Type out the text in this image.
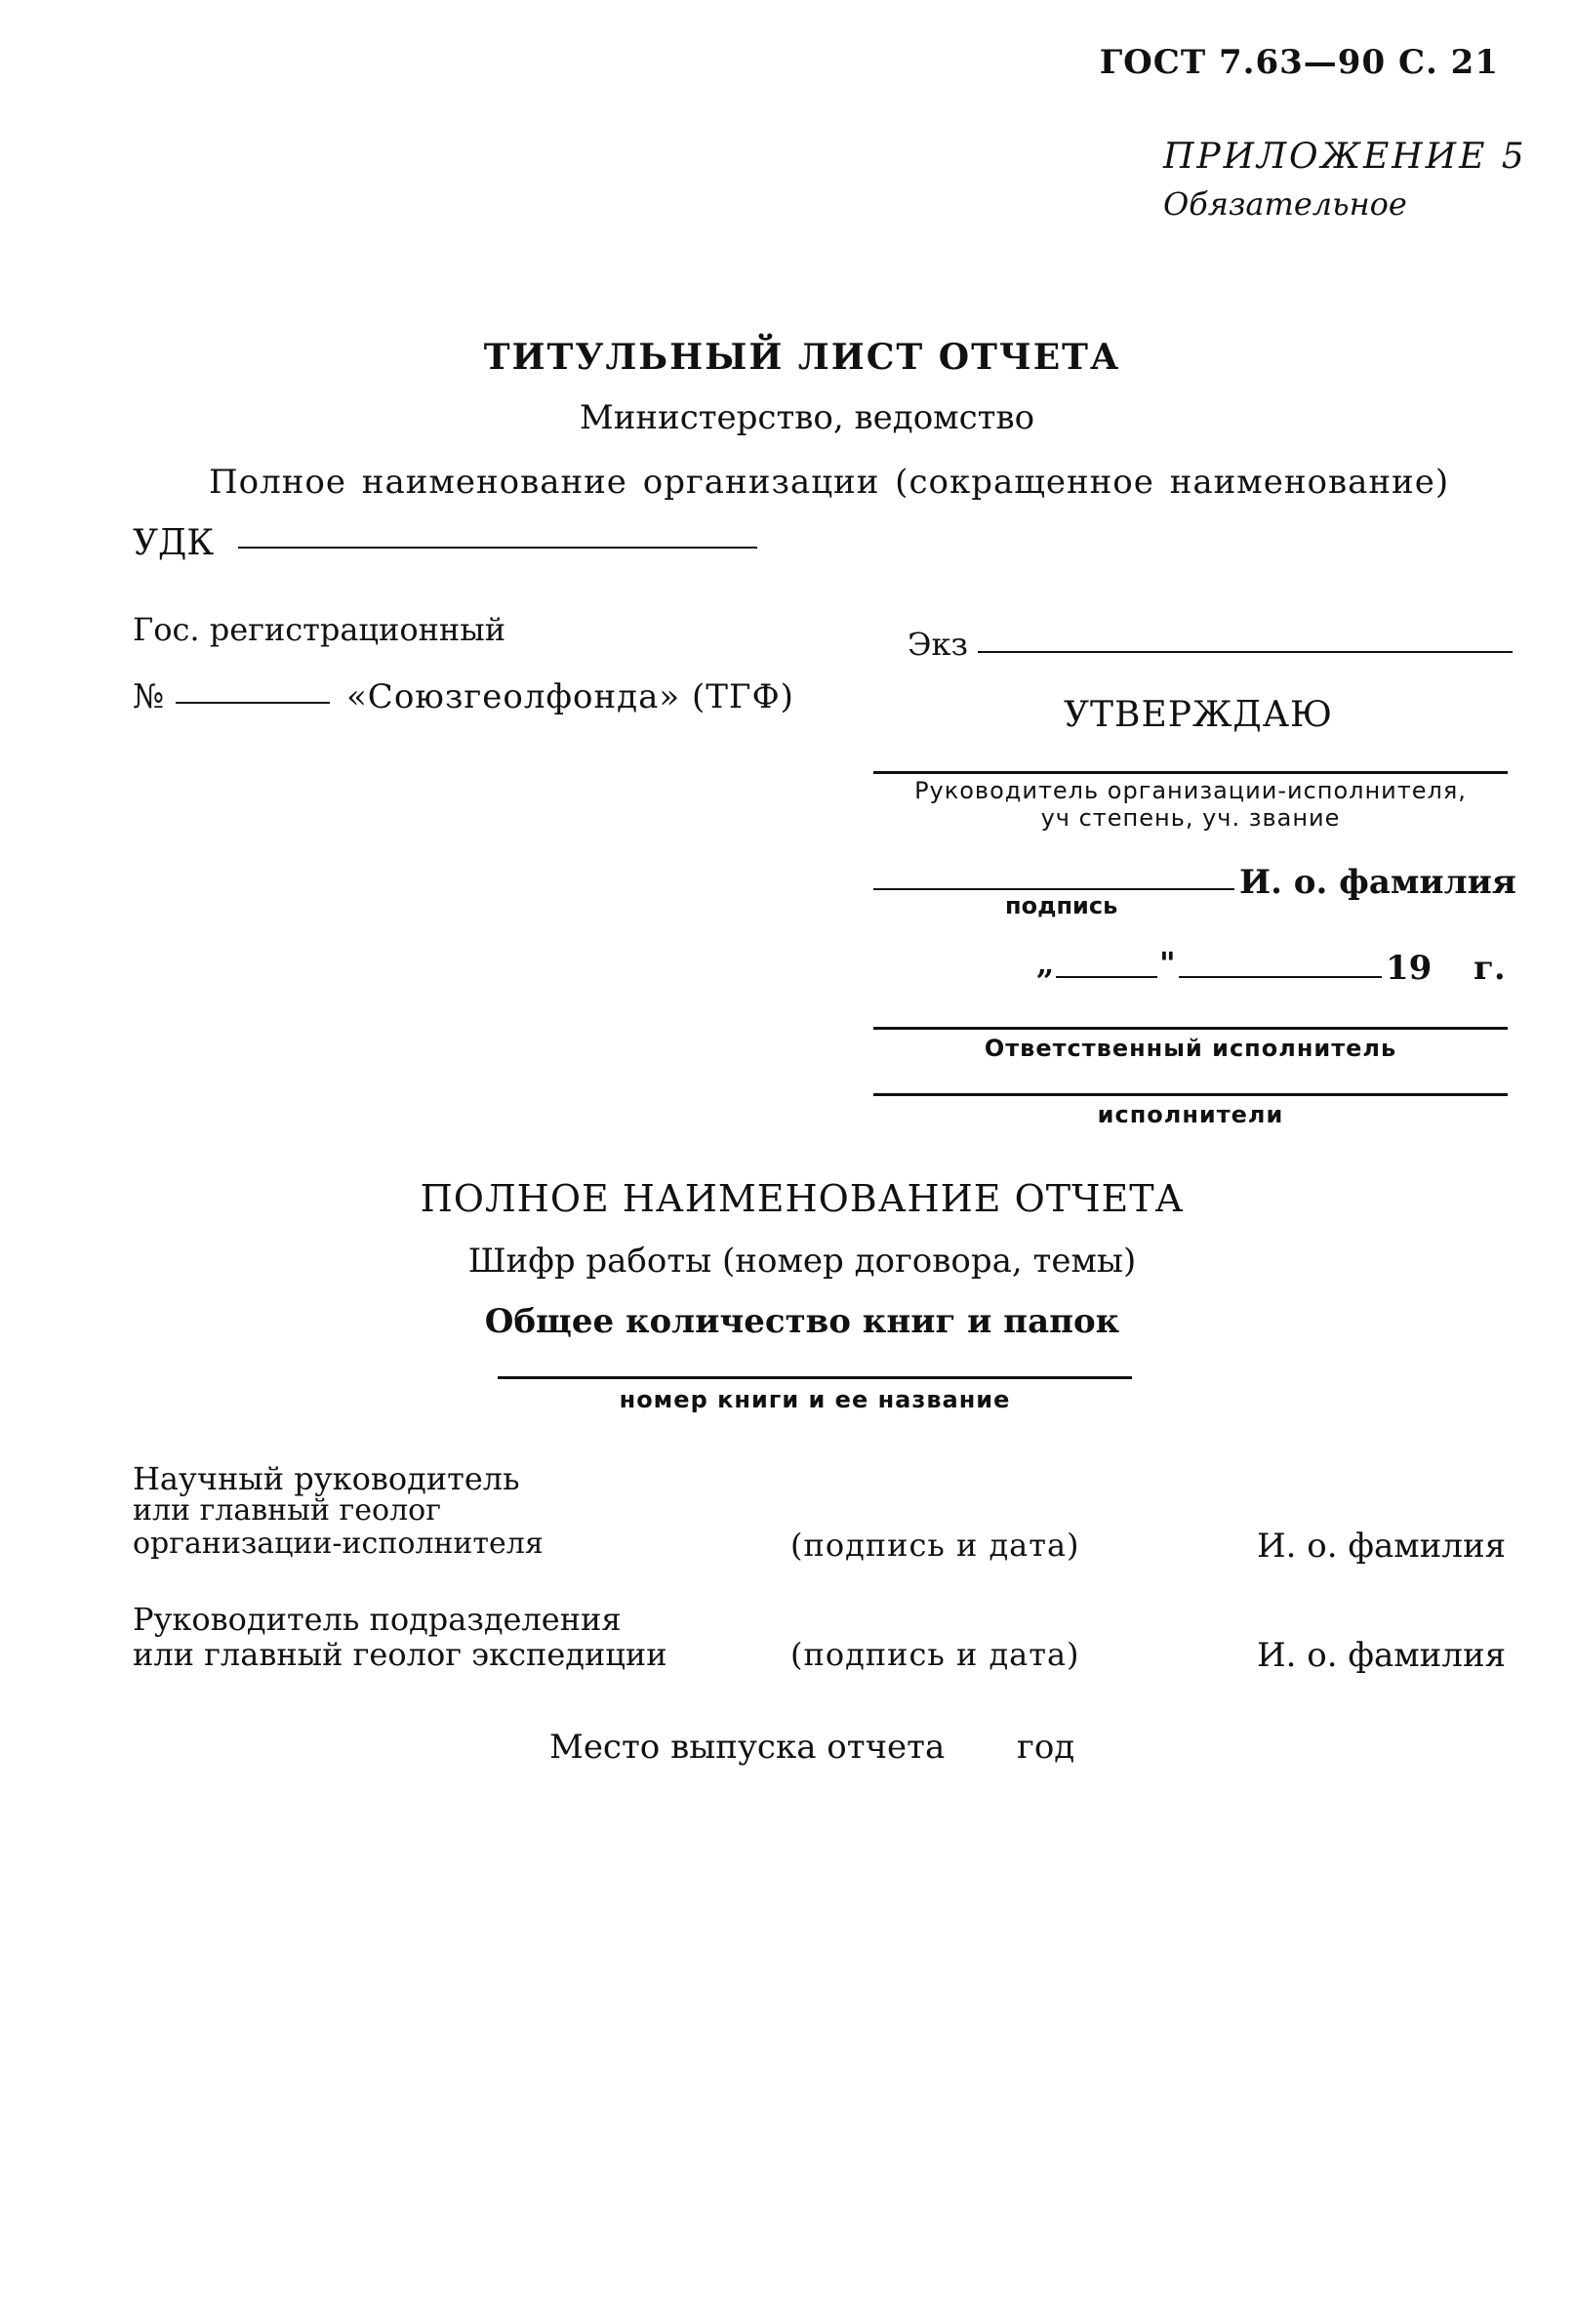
ГОСТ 7.63—90 С. 21
ПРИЛОЖЕНИЕ 5
Обязательное
ТИТУЛЬНЫЙ ЛИСТ ОТЧЕТА
Министерство, ведомство
Полное наименование организации (сокращенное наименование)
УДК
Гос. регистрационный
№	«Союзгеолфонда» (ТГФ)
Экз
УТВЕРЖДАЮ
Руководитель организации-исполнителя,
уч степень, уч. звание
подпись
И. о. фамилия
„	"	19 г.
Ответственный исполнитель
исполнители
ПОЛНОЕ НАИМЕНОВАНИЕ ОТЧЕТА
Шифр работы (номер договора, темы)
Общее количество книг и папок
номер книги и ее название
Научный руководитель
или главный геолог
организации-исполнителя	(подпись и дата)	И. о. фамилия
Руководитель подразделения
или главный геолог экспедиции	(подпись и дата)	И. о. фамилия
Место выпуска отчета год
